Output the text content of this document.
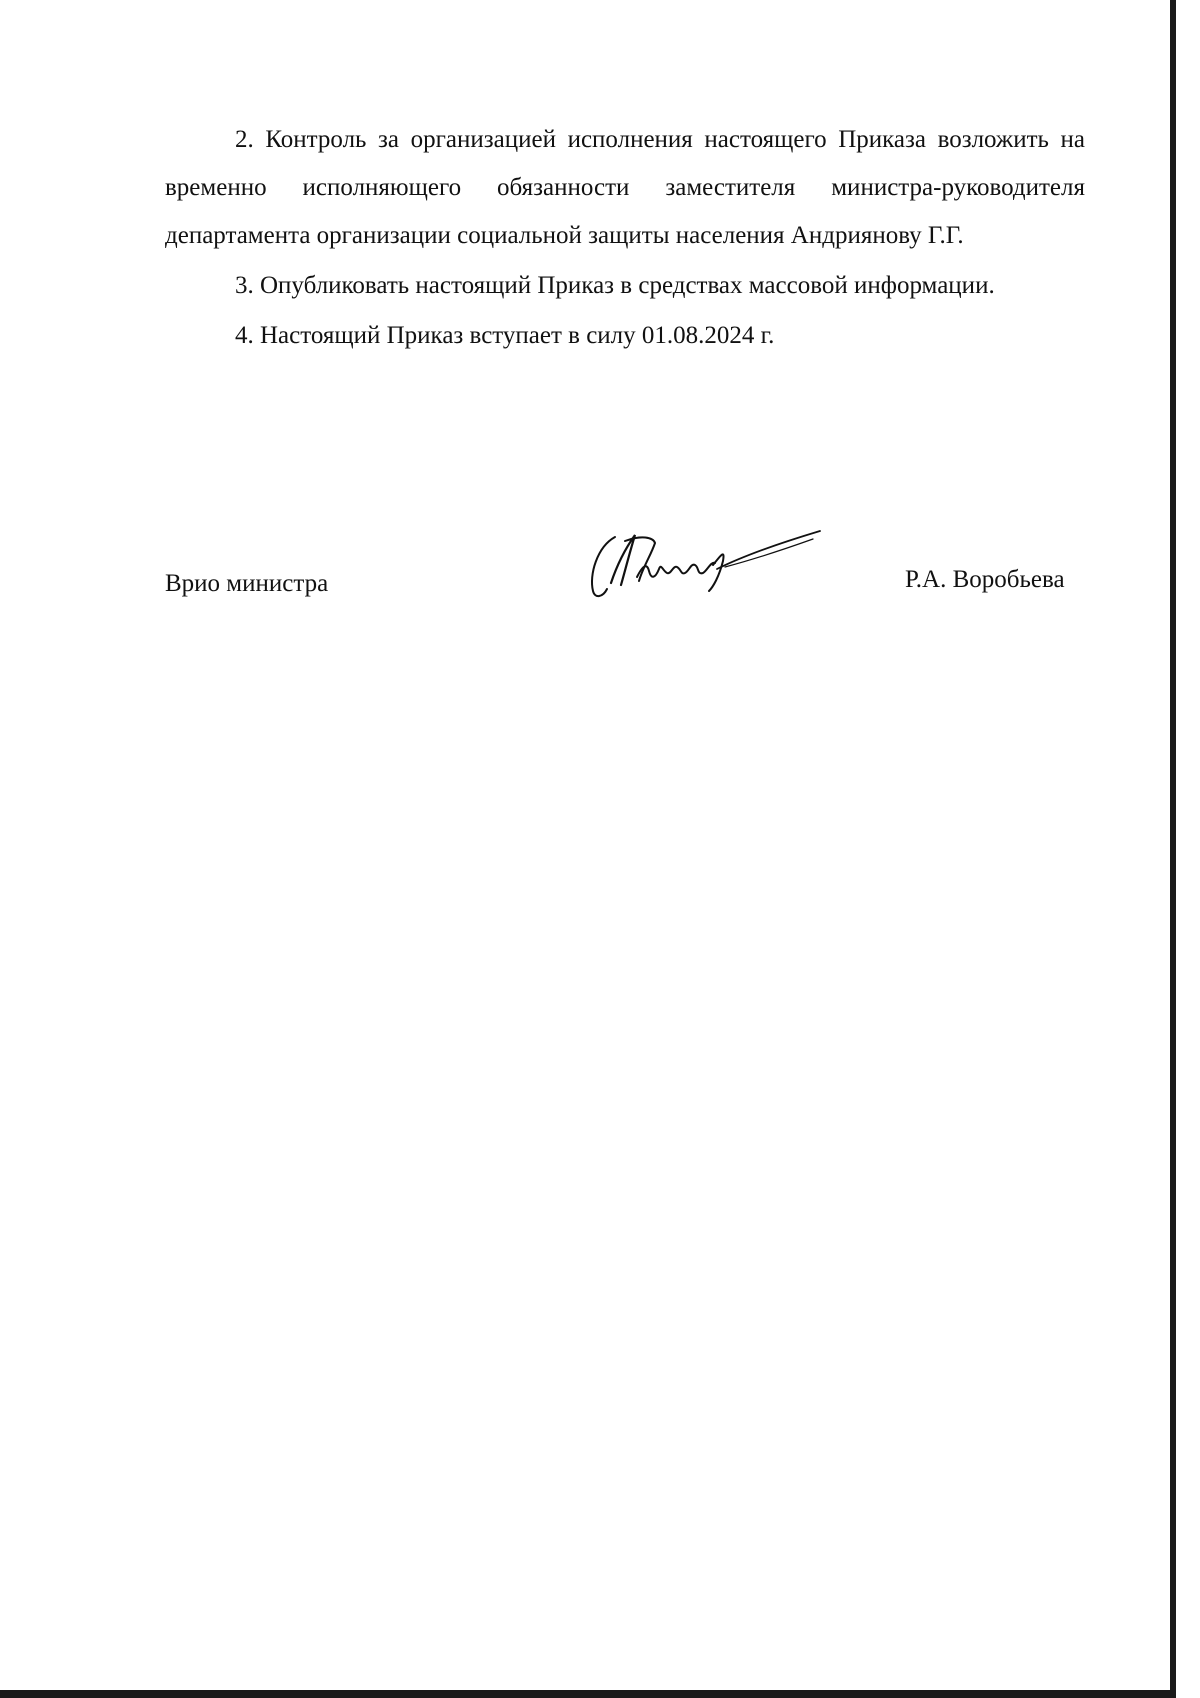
2. Контроль за организацией исполнения настоящего Приказа возложить на временно исполняющего обязанности заместителя министра-руководителя департамента организации социальной защиты населения Андриянову Г.Г.

3. Опубликовать настоящий Приказ в средствах массовой информации.

4. Настоящий Приказ вступает в силу 01.08.2024 г.

Врио министра	Р.А. Воробьева
